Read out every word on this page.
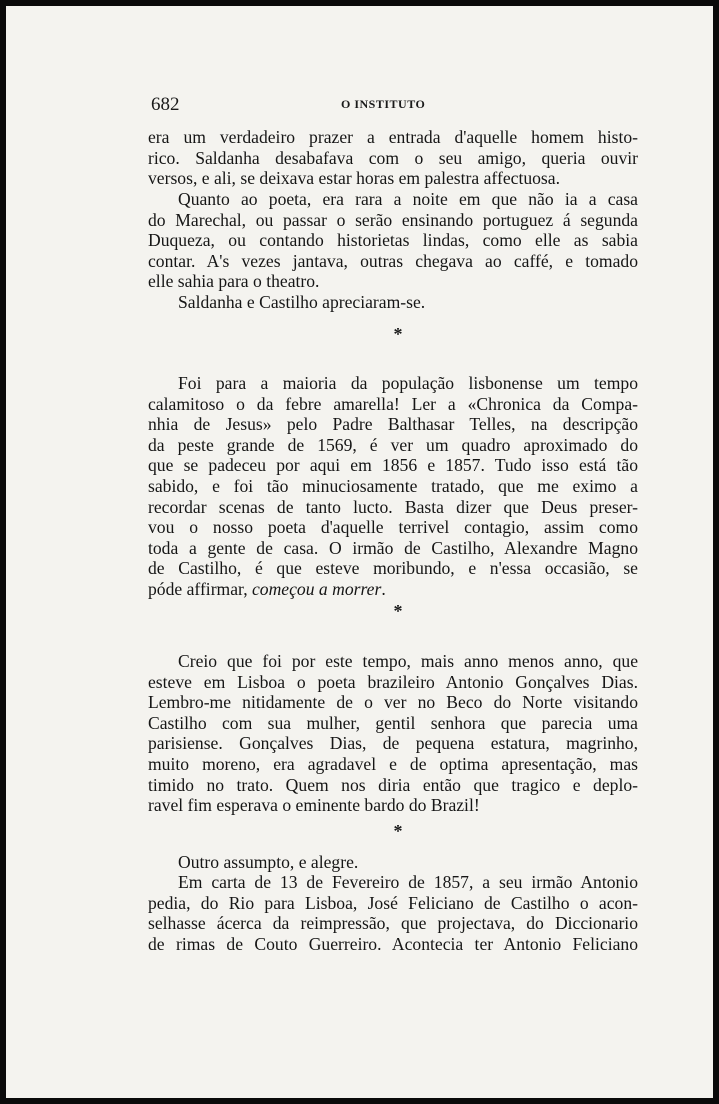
682	O INSTITUTO

era um verdadeiro prazer a entrada d'aquelle homem histo-
rico. Saldanha desabafava com o seu amigo, queria ouvir
versos, e ali, se deixava estar horas em palestra affectuosa.

Quanto ao poeta, era rara a noite em que não ia a casa
do Marechal, ou passar o serão ensinando portuguez á segunda
Duqueza, ou contando historietas lindas, como elle as sabia
contar. A's vezes jantava, outras chegava ao caffé, e tomado
elle sahia para o theatro.

Saldanha e Castilho apreciaram-se.

*

Foi para a maioria da população lisbonense um tempo
calamitoso o da febre amarella! Ler a «Chronica da Compa-
nhia de Jesus» pelo Padre Balthasar Telles, na descripção
da peste grande de 1569, é ver um quadro aproximado do
que se padeceu por aqui em 1856 e 1857. Tudo isso está tão
sabido, e foi tão minuciosamente tratado, que me eximo a
recordar scenas de tanto lucto. Basta dizer que Deus preser-
vou o nosso poeta d'aquelle terrivel contagio, assim como
toda a gente de casa. O irmão de Castilho, Alexandre Magno
de Castilho, é que esteve moribundo, e n'essa occasião, se
póde affirmar, começou a morrer.

*

Creio que foi por este tempo, mais anno menos anno, que
esteve em Lisboa o poeta brazileiro Antonio Gonçalves Dias.
Lembro-me nitidamente de o ver no Beco do Norte visitando
Castilho com sua mulher, gentil senhora que parecia uma
parisiense. Gonçalves Dias, de pequena estatura, magrinho,
muito moreno, era agradavel e de optima apresentação, mas
timido no trato. Quem nos diria então que tragico e deplo-
ravel fim esperava o eminente bardo do Brazil!

*

Outro assumpto, e alegre.

Em carta de 13 de Fevereiro de 1857, a seu irmão Antonio
pedia, do Rio para Lisboa, José Feliciano de Castilho o acon-
selhasse ácerca da reimpressão, que projectava, do Diccionario
de rimas de Couto Guerreiro. Acontecia ter Antonio Feliciano
